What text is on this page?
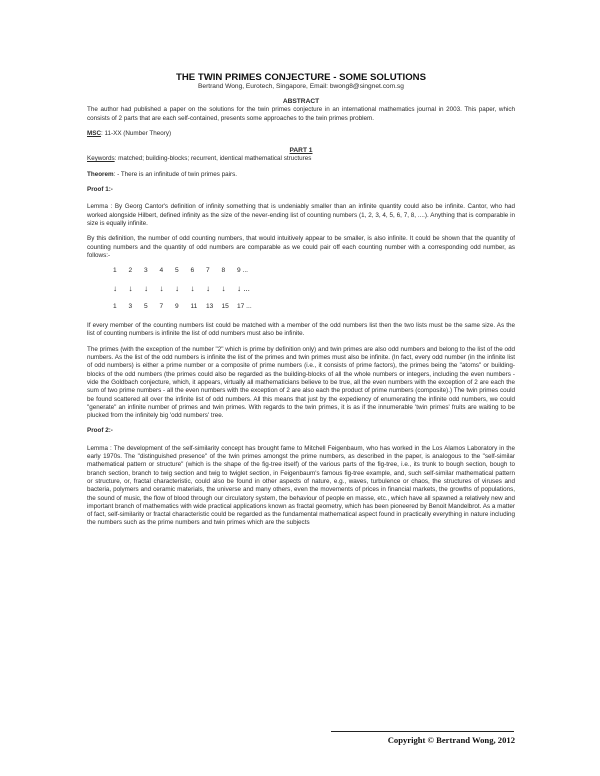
THE TWIN PRIMES CONJECTURE - SOME SOLUTIONS
Bertrand Wong, Eurotech, Singapore, Email: bwong8@singnet.com.sg
ABSTRACT

The author had published a paper on the solutions for the twin primes conjecture in an international mathematics journal in 2003. This paper, which consists of 2 parts that are each self-contained, presents some approaches to the twin primes problem.

MSC: 11-XX (Number Theory)

PART 1

Keywords: matched; building-blocks; recurrent, identical mathematical structures

Theorem: - There is an infinitude of twin primes pairs.

Proof 1:-

Lemma : By Georg Cantor's definition of infinity something that is undeniably smaller than an infinite quantity could also be infinite. Cantor, who had worked alongside Hilbert, defined infinity as the size of the never-ending list of counting numbers (1, 2, 3, 4, 5, 6, 7, 8, ....). Anything that is comparable in size is equally infinite.

By this definition, the number of odd counting numbers, that would intuitively appear to be smaller, is also infinite. It could be shown that the quantity of counting numbers and the quantity of odd numbers are comparable as we could pair off each counting number with a corresponding odd number, as follows:-

1	2	3	4	5	6	7	8	9 ...
↓	↓	↓	↓	↓	↓	↓	↓	↓ ...
1	3	5	7	9	11	13	15	17 ...

If every member of the counting numbers list could be matched with a member of the odd numbers list then the two lists must be the same size. As the list of counting numbers is infinite the list of odd numbers must also be infinite.

The primes (with the exception of the number "2" which is prime by definition only) and twin primes are also odd numbers and belong to the list of the odd numbers. As the list of the odd numbers is infinite the list of the primes and twin primes must also be infinite. (In fact, every odd number (in the infinite list of odd numbers) is either a prime number or a composite of prime numbers (i.e., it consists of prime factors), the primes being the "atoms" or building-blocks of the odd numbers (the primes could also be regarded as the building-blocks of all the whole numbers or integers, including the even numbers - vide the Goldbach conjecture, which, it appears, virtually all mathematicians believe to be true, all the even numbers with the exception of 2 are each the sum of two prime numbers - all the even numbers with the exception of 2 are also each the product of prime numbers (composite).) The twin primes could be found scattered all over the infinite list of odd numbers. All this means that just by the expediency of enumerating the infinite odd numbers, we could "generate" an infinite number of primes and twin primes. With regards to the twin primes, it is as if the innumerable 'twin primes' fruits are waiting to be plucked from the infinitely big 'odd numbers' tree.

Proof 2:-

Lemma : The development of the self-similarity concept has brought fame to Mitchell Feigenbaum, who has worked in the Los Alamos Laboratory in the early 1970s. The "distinguished presence" of the twin primes amongst the prime numbers, as described in the paper, is analogous to the "self-similar mathematical pattern or structure" (which is the shape of the fig-tree itself) of the various parts of the fig-tree, i.e., its trunk to bough section, bough to branch section, branch to twig section and twig to twiglet section, in Feigenbaum's famous fig-tree example, and, such self-similar mathematical pattern or structure, or, fractal characteristic, could also be found in other aspects of nature, e.g., waves, turbulence or chaos, the structures of viruses and bacteria, polymers and ceramic materials, the universe and many others, even the movements of prices in financial markets, the growths of populations, the sound of music, the flow of blood through our circulatory system, the behaviour of people en masse, etc., which have all spawned a relatively new and important branch of mathematics with wide practical applications known as fractal geometry, which has been pioneered by Benoit Mandelbrot. As a matter of fact, self-similarity or fractal characteristic could be regarded as the fundamental mathematical aspect found in practically everything in nature including the numbers such as the prime numbers and twin primes which are the subjects

Copyright © Bertrand Wong, 2012
